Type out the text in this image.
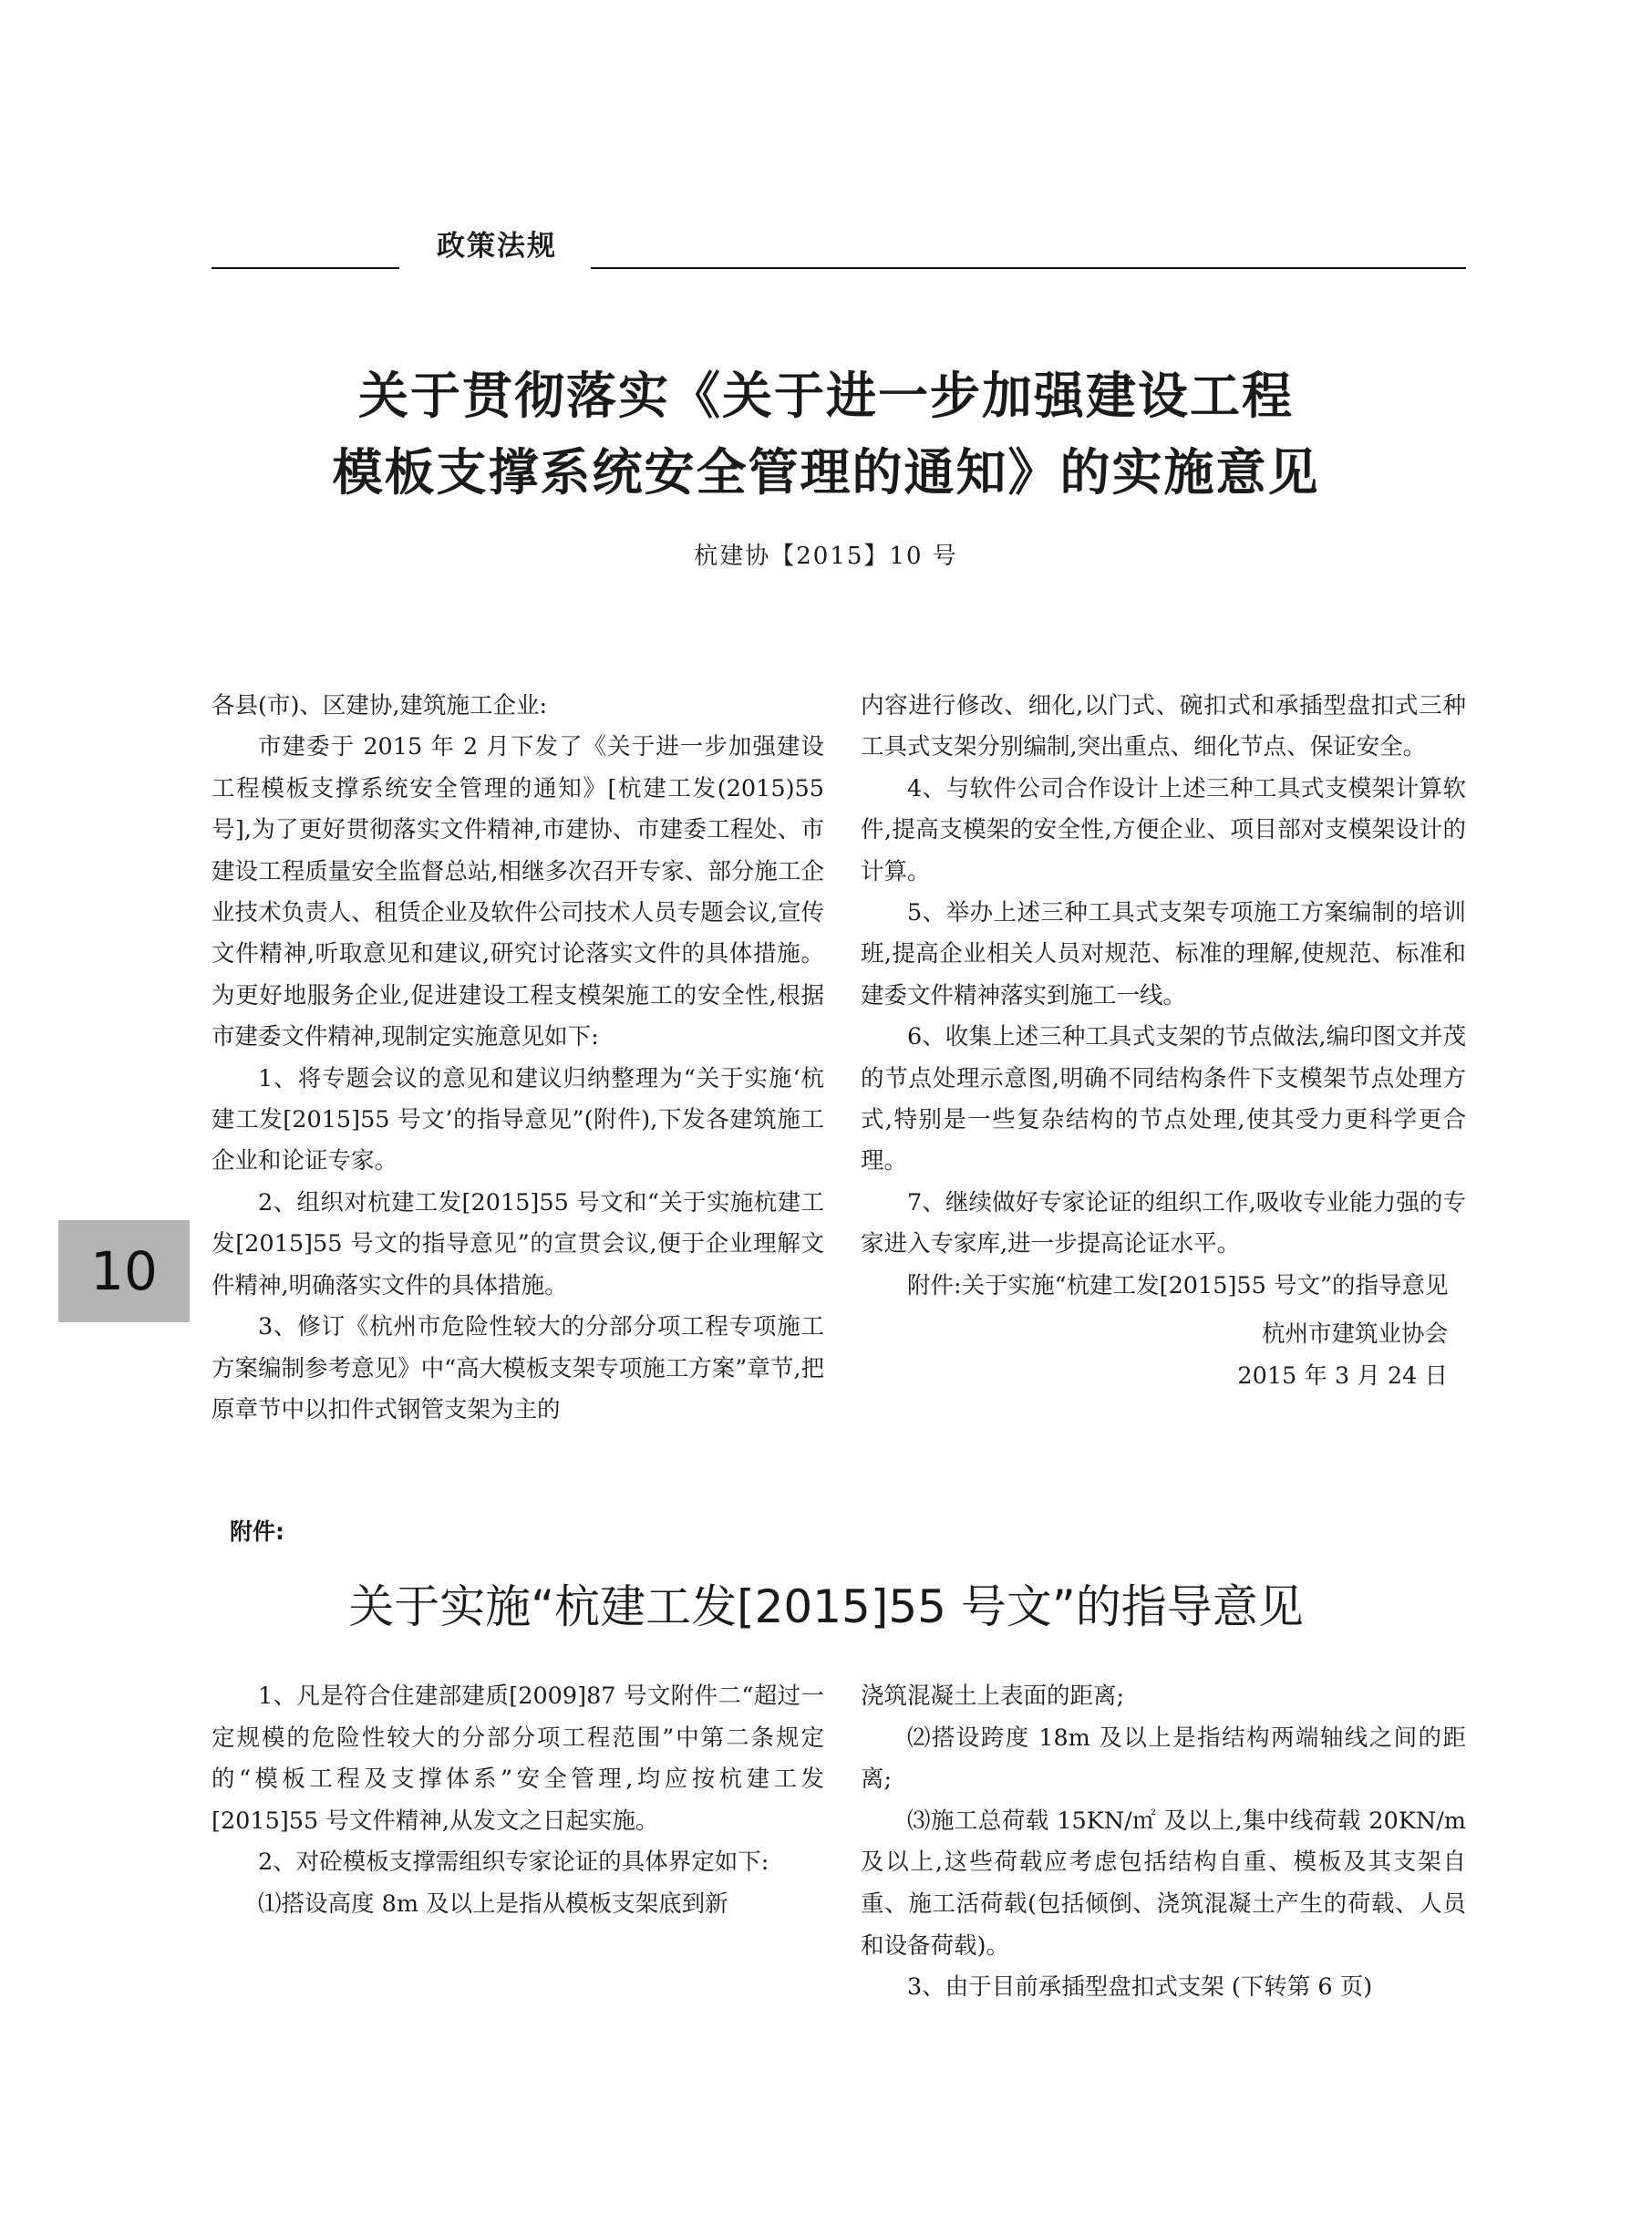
政策法规
关于贯彻落实《关于进一步加强建设工程
模板支撑系统安全管理的通知》的实施意见
杭建协【2015】10 号

各县(市)、区建协,建筑施工企业:

市建委于 2015 年 2 月下发了《关于进一步加强建设工程模板支撑系统安全管理的通知》[杭建工发(2015)55 号],为了更好贯彻落实文件精神,市建协、市建委工程处、市建设工程质量安全监督总站,相继多次召开专家、部分施工企业技术负责人、租赁企业及软件公司技术人员专题会议,宣传文件精神,听取意见和建议,研究讨论落实文件的具体措施。为更好地服务企业,促进建设工程支模架施工的安全性,根据市建委文件精神,现制定实施意见如下:

1、将专题会议的意见和建议归纳整理为“关于实施‘杭建工发[2015]55 号文’的指导意见”(附件),下发各建筑施工企业和论证专家。

2、组织对杭建工发[2015]55 号文和“关于实施杭建工发[2015]55 号文的指导意见”的宣贯会议,便于企业理解文件精神,明确落实文件的具体措施。

3、修订《杭州市危险性较大的分部分项工程专项施工方案编制参考意见》中“高大模板支架专项施工方案”章节,把原章节中以扣件式钢管支架为主的

内容进行修改、细化,以门式、碗扣式和承插型盘扣式三种工具式支架分别编制,突出重点、细化节点、保证安全。

4、与软件公司合作设计上述三种工具式支模架计算软件,提高支模架的安全性,方便企业、项目部对支模架设计的计算。

5、举办上述三种工具式支架专项施工方案编制的培训班,提高企业相关人员对规范、标准的理解,使规范、标准和建委文件精神落实到施工一线。

6、收集上述三种工具式支架的节点做法,编印图文并茂的节点处理示意图,明确不同结构条件下支模架节点处理方式,特别是一些复杂结构的节点处理,使其受力更科学更合理。

7、继续做好专家论证的组织工作,吸收专业能力强的专家进入专家库,进一步提高论证水平。

附件:关于实施“杭建工发[2015]55 号文”的指导意见

杭州市建筑业协会

2015 年 3 月 24 日

10
附件:
关于实施“杭建工发[2015]55 号文”的指导意见

1、凡是符合住建部建质[2009]87 号文附件二“超过一定规模的危险性较大的分部分项工程范围”中第二条规定的“模板工程及支撑体系”安全管理,均应按杭建工发[2015]55 号文件精神,从发文之日起实施。

2、对砼模板支撑需组织专家论证的具体界定如下:

⑴搭设高度 8m 及以上是指从模板支架底到新

浇筑混凝土上表面的距离;

⑵搭设跨度 18m 及以上是指结构两端轴线之间的距离;

⑶施工总荷载 15KN/㎡ 及以上,集中线荷载 20KN/m 及以上,这些荷载应考虑包括结构自重、模板及其支架自重、施工活荷载(包括倾倒、浇筑混凝土产生的荷载、人员和设备荷载)。

3、由于目前承插型盘扣式支架 (下转第 6 页)
